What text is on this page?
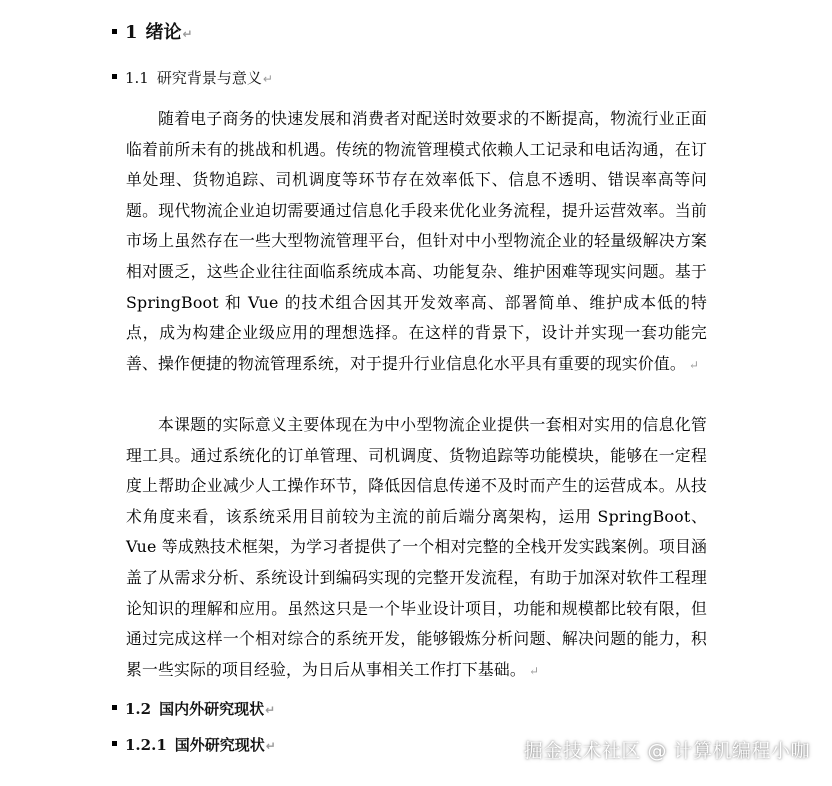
1 绪论↵
1.1 研究背景与意义↵
随着电子商务的快速发展和消费者对配送时效要求的不断提高，物流行业正面临着前所未有的挑战和机遇。传统的物流管理模式依赖人工记录和电话沟通，在订单处理、货物追踪、司机调度等环节存在效率低下、信息不透明、错误率高等问题。现代物流企业迫切需要通过信息化手段来优化业务流程，提升运营效率。当前市场上虽然存在一些大型物流管理平台，但针对中小型物流企业的轻量级解决方案相对匮乏，这些企业往往面临系统成本高、功能复杂、维护困难等现实问题。基于 SpringBoot 和 Vue 的技术组合因其开发效率高、部署简单、维护成本低的特点，成为构建企业级应用的理想选择。在这样的背景下，设计并实现一套功能完善、操作便捷的物流管理系统，对于提升行业信息化水平具有重要的现实价值。 ↵
本课题的实际意义主要体现在为中小型物流企业提供一套相对实用的信息化管理工具。通过系统化的订单管理、司机调度、货物追踪等功能模块，能够在一定程度上帮助企业减少人工操作环节，降低因信息传递不及时而产生的运营成本。从技术角度来看，该系统采用目前较为主流的前后端分离架构，运用 SpringBoot、Vue 等成熟技术框架，为学习者提供了一个相对完整的全栈开发实践案例。项目涵盖了从需求分析、系统设计到编码实现的完整开发流程，有助于加深对软件工程理论知识的理解和应用。虽然这只是一个毕业设计项目，功能和规模都比较有限，但通过完成这样一个相对综合的系统开发，能够锻炼分析问题、解决问题的能力，积累一些实际的项目经验，为日后从事相关工作打下基础。 ↵
1.2 国内外研究现状↵
1.2.1 国外研究现状↵	掘金技术社区 @ 计算机编程小咖
